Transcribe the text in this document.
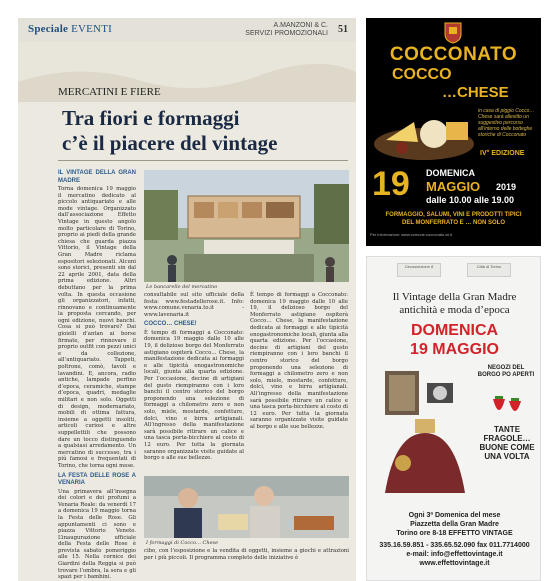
Speciale EVENTI	A.MANZONI & C.
SERVIZI PROMOZIONALI 51
MERCATINI E FIERE
Tra fiori e formaggi
c’è il piacere del vintage
IL VINTAGE DELLA GRAN MADRE
Torna domenica 19 maggio il mercatino dedicato al piccolo antiquariato e alle mode vintage. Organizzato dall’associazione Effetto Vintage in questo angolo molto particolare di Torino, proprio ai piedi della grande chiesa che guarda piazza Vittorio, il Vintage della Gran Madre riclama espositori selezionati. Alcuni sono storici, presenti sin dal 22 aprile 2001, data della prima edizione. Altri debuttano per la prima volta. In questa occasione gli organizzatori, infatti, rinnovano e continuamente la proposta cercando, per ogni edizione, nuovi banchi. Cosa si può trovare? Dai gioielli d’antan ai borse firmate, per rinnovare il proprio outfit con pezzi unici e da collezione, all’antiquariato. Tappeti, poltrone, comò, tavoli e lavandini. E, ancora, radio antiche, lampade perfino d’epoca, ceramiche, stampe d’epoca, quadri, medaglie militari e non solo. Oggetti di design, modernariato, mobili di ottima fattura, insieme a oggetti insoliti, articoli curiosi e altre suppellettili che possono dare un tocco distinguendo a qualsiasi arredamento. Un mercatino di successo, tra i più famosi e frequentati di Torino, che torna ogni mese.
LA FESTA DELLE ROSE A VENARIA
Una primavera all’insegna dei colori e dei profumi a Venaria Reale: da venerdì 17 a domenica 19 maggio torna la Festa delle Rose. Gli appuntamenti ci sono e piazza Vittorio Veneto. L’inaugurazione ufficiale della Festa delle Rose è prevista sabato pomeriggio alle 15. Nella cornice dei Giardini della Reggia si può trovare l’ombra, la sera e gli spazi per i bambini.
Le bancarelle del mercatino
consultabile sul sito ufficiale della festa: www.festadellerose.it. Info: www.comune.venaria.to.it - www.lavenaria.it
COCCO… CHESE!
È tempo di formaggi a Cocconato: domenica 19 maggio dalle 10 alle 19, il delizioso borgo del Monferrato astigiano ospiterà Cocco… Chese, la manifestazione dedicata ai formaggi e alle tipicità enogastronomiche locali, giunta alla quarta edizione. Per l’occasione, decine di artigiani del gusto riempiranno con i loro banchi il centro storico del borgo proponendo una selezione di formaggi a chilometro zero e non solo, miele, mostarde, confetture, dolci, vino e birra artigianali. All’ingresso della manifestazione sarà possibile ritirare un calice e una tasca porta-bicchiere al costo di 12 euro. Per tutta la giornata saranno organizzate visite guidate al borgo e alle sue bellezze.
È tempo di formaggi a Cocconato: domenica 19 maggio dalle 10 alle 19, il delizioso borgo del Monferrato astigiano ospiterà Cocco… Chese, la manifestazione dedicata ai formaggi e alle tipicità enogastronomiche locali, giunta alla quarta edizione. Per l’occasione, decine di artigiani del gusto riempiranno con i loro banchi il centro storico del borgo proponendo una selezione di formaggi a chilometro zero e non solo, miele, mostarde, confetture, dolci, vino e birra artigianali. All’ingresso della manifestazione sarà possibile ritirare un calice e una tasca porta-bicchiere al costo di 12 euro. Per tutta la giornata saranno organizzate visite guidate al borgo e alle sue bellezze.
I formaggi di Cocco… Chese
cibo, con l’esposizione e la vendita di oggetti, insieme a giochi e attrazioni per i più piccoli. Il programma completo delle iniziative è
COCCONATO
COCCO
…CHESE
in casa di piggio Cocco…Chese sarà allestito un suggestivo percorso all’interno delle botteghe storiche di Cocconato
IV° EDIZIONE
19 DOMENICA
MAGGIO 2019
dalle 10.00 alle 19.00
FORMAGGIO, SALUMI, VINI E PRODOTTI TIPICI
DEL MONFERRATO E … NON SOLO
Per informazioni: www.comune.cocconato.at.it
Circoscrizione 8	Città di Torino
Il Vintage della Gran Madre
antichità e moda d’epoca
DOMENICA
19 MAGGIO
NEGOZI DEL BORGO PO APERTI
TANTE FRAGOLE… BUONE COME UNA VOLTA
Ogni 3ª Domenica del mese
Piazzetta della Gran Madre
Torino ore 8-18 EFFETTO VINTAGE
335.16.59.851 - 335.65.52.090 fax 011.7714000
e-mail: info@effettovintage.it
www.effettovintage.it
